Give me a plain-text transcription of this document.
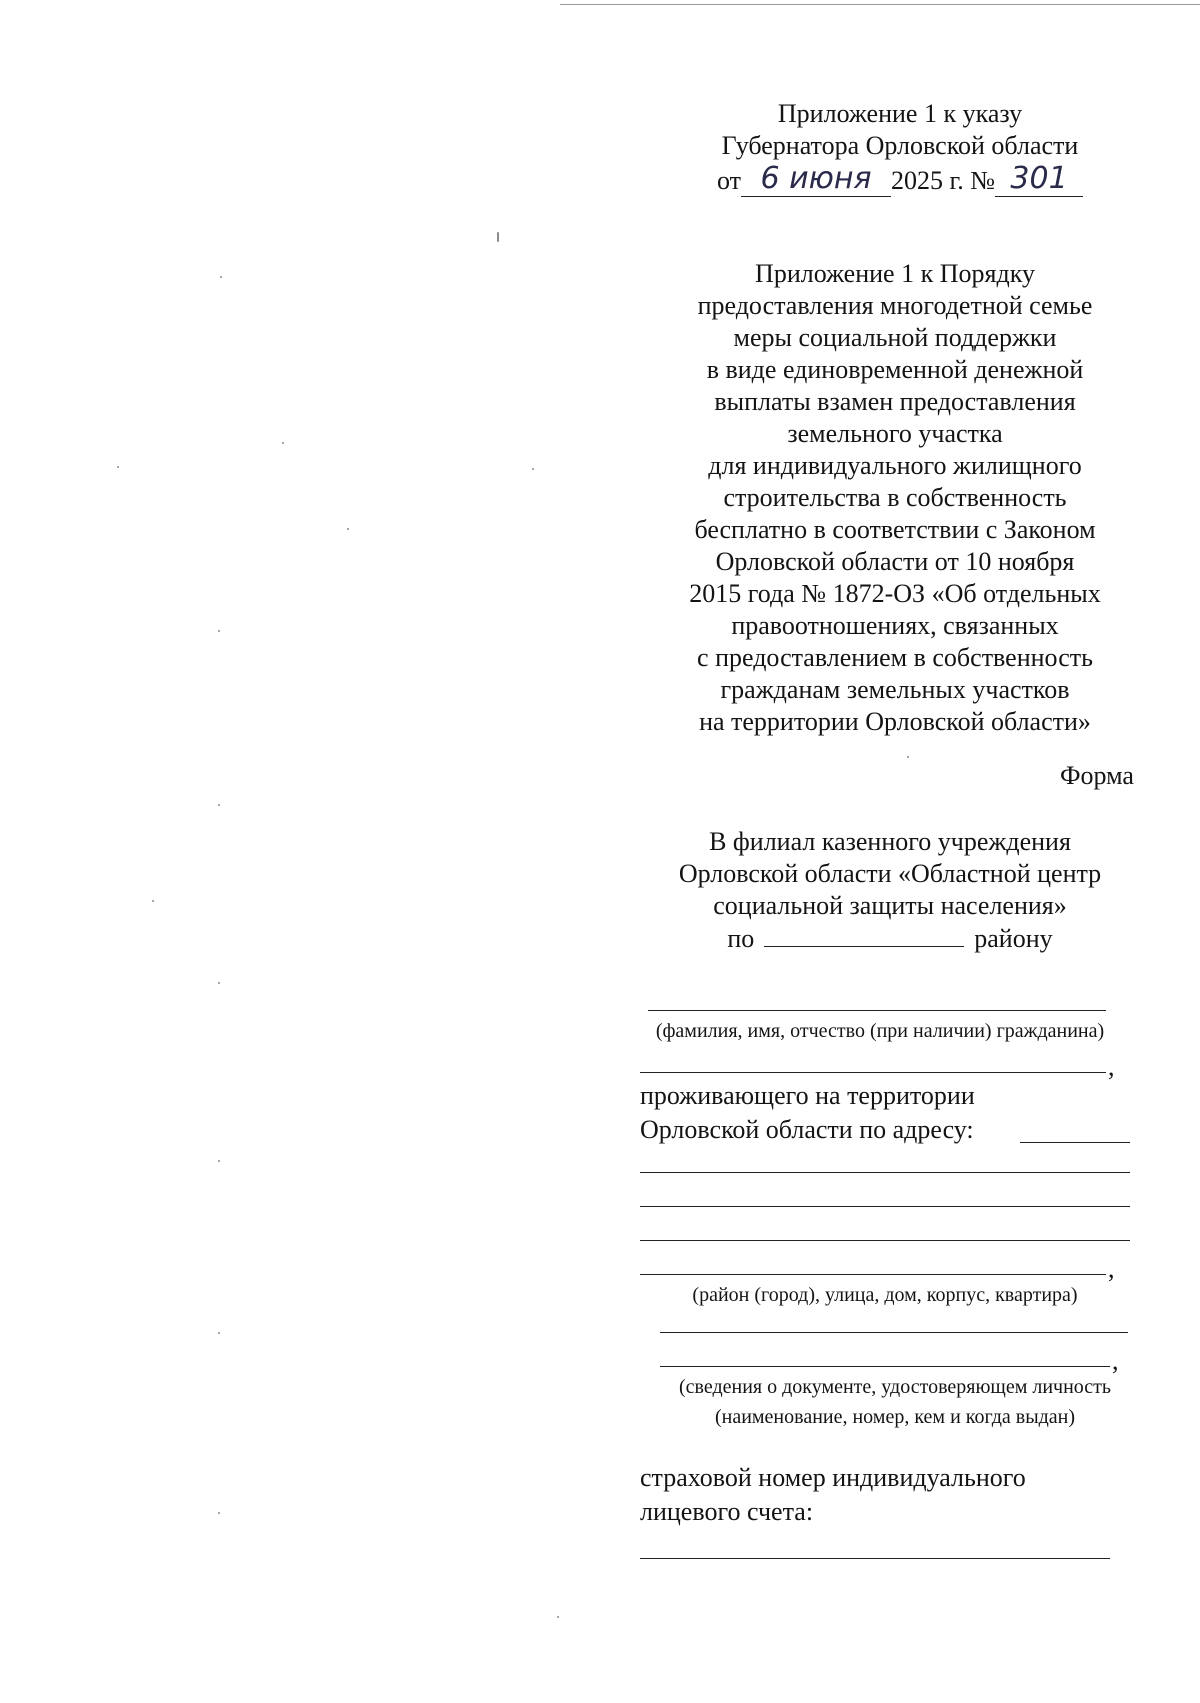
Приложение 1 к указу
Губернатора Орловской области
от 6 июня 2025 г. № 301
Приложение 1 к Порядку
предоставления многодетной семье
меры социальной поддержки
в виде единовременной денежной
выплаты взамен предоставления
земельного участка
для индивидуального жилищного
строительства в собственность
бесплатно в соответствии с Законом
Орловской области от 10 ноября
2015 года № 1872-ОЗ «Об отдельных
правоотношениях, связанных
с предоставлением в собственность
гражданам земельных участков
на территории Орловской области»
Форма
В филиал казенного учреждения
Орловской области «Областной центр
социальной защиты населения»
по	району
(фамилия, имя, отчество (при наличии) гражданина)
,
проживающего на территории
Орловской области по адресу:
,
(район (город), улица, дом, корпус, квартира)
,
(сведения о документе, удостоверяющем личность
(наименование, номер, кем и когда выдан)
страховой номер индивидуального
лицевого счета:
